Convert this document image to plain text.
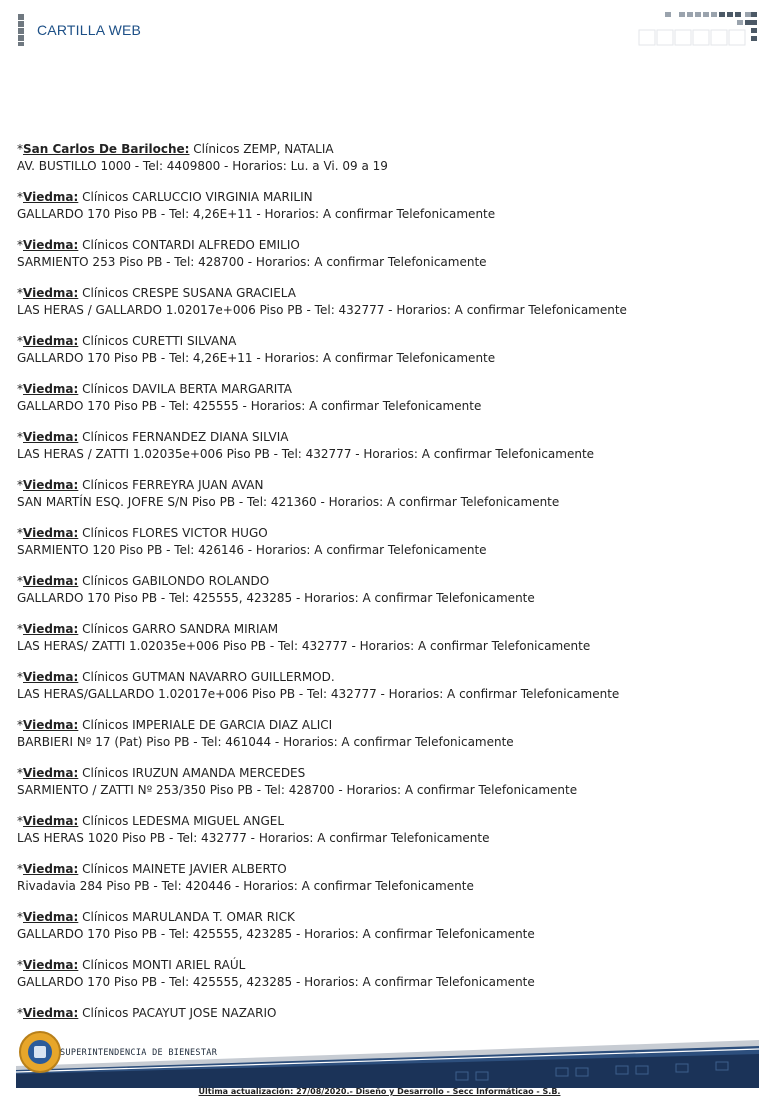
CARTILLA WEB
*San Carlos De Bariloche: Clínicos ZEMP, NATALIA
AV. BUSTILLO 1000 - Tel: 4409800 - Horarios: Lu. a Vi. 09 a 19
*Viedma: Clínicos CARLUCCIO VIRGINIA MARILIN
GALLARDO 170 Piso PB - Tel: 4,26E+11 - Horarios: A confirmar Telefonicamente
*Viedma: Clínicos CONTARDI ALFREDO EMILIO
SARMIENTO 253 Piso PB - Tel: 428700 - Horarios: A confirmar Telefonicamente
*Viedma: Clínicos CRESPE SUSANA GRACIELA
LAS HERAS / GALLARDO 1.02017e+006 Piso PB - Tel: 432777 - Horarios: A confirmar Telefonicamente
*Viedma: Clínicos CURETTI SILVANA
GALLARDO 170 Piso PB - Tel: 4,26E+11 - Horarios: A confirmar Telefonicamente
*Viedma: Clínicos DAVILA BERTA MARGARITA
GALLARDO 170 Piso PB - Tel: 425555 - Horarios: A confirmar Telefonicamente
*Viedma: Clínicos FERNANDEZ DIANA SILVIA
LAS HERAS / ZATTI 1.02035e+006 Piso PB - Tel: 432777 - Horarios: A confirmar Telefonicamente
*Viedma: Clínicos FERREYRA JUAN AVAN
SAN MARTÍN ESQ. JOFRE S/N Piso PB - Tel: 421360 - Horarios: A confirmar Telefonicamente
*Viedma: Clínicos FLORES VICTOR HUGO
SARMIENTO 120 Piso PB - Tel: 426146 - Horarios: A confirmar Telefonicamente
*Viedma: Clínicos GABILONDO ROLANDO
GALLARDO 170 Piso PB - Tel: 425555, 423285 - Horarios: A confirmar Telefonicamente
*Viedma: Clínicos GARRO SANDRA MIRIAM
LAS HERAS/ ZATTI 1.02035e+006 Piso PB - Tel: 432777 - Horarios: A confirmar Telefonicamente
*Viedma: Clínicos GUTMAN NAVARRO GUILLERMOD.
LAS HERAS/GALLARDO 1.02017e+006 Piso PB - Tel: 432777 - Horarios: A confirmar Telefonicamente
*Viedma: Clínicos IMPERIALE DE GARCIA DIAZ ALICI
BARBIERI Nº 17 (Pat) Piso PB - Tel: 461044 - Horarios: A confirmar Telefonicamente
*Viedma: Clínicos IRUZUN AMANDA MERCEDES
SARMIENTO / ZATTI Nº 253/350 Piso PB - Tel: 428700 - Horarios: A confirmar Telefonicamente
*Viedma: Clínicos LEDESMA MIGUEL ANGEL
LAS HERAS 1020 Piso PB - Tel: 432777 - Horarios: A confirmar Telefonicamente
*Viedma: Clínicos MAINETE JAVIER ALBERTO
Rivadavia 284 Piso PB - Tel: 420446 - Horarios: A confirmar Telefonicamente
*Viedma: Clínicos MARULANDA T. OMAR RICK
GALLARDO 170 Piso PB - Tel: 425555, 423285 - Horarios: A confirmar Telefonicamente
*Viedma: Clínicos MONTI ARIEL RAÚL
GALLARDO 170 Piso PB - Tel: 425555, 423285 - Horarios: A confirmar Telefonicamente
*Viedma: Clínicos PACAYUT JOSE NAZARIO
SUPERINTENDENCIA DE BIENESTAR
Última actualización: 27/08/2020.- Diseño y Desarrollo - Secc Informáticao - S.B.
